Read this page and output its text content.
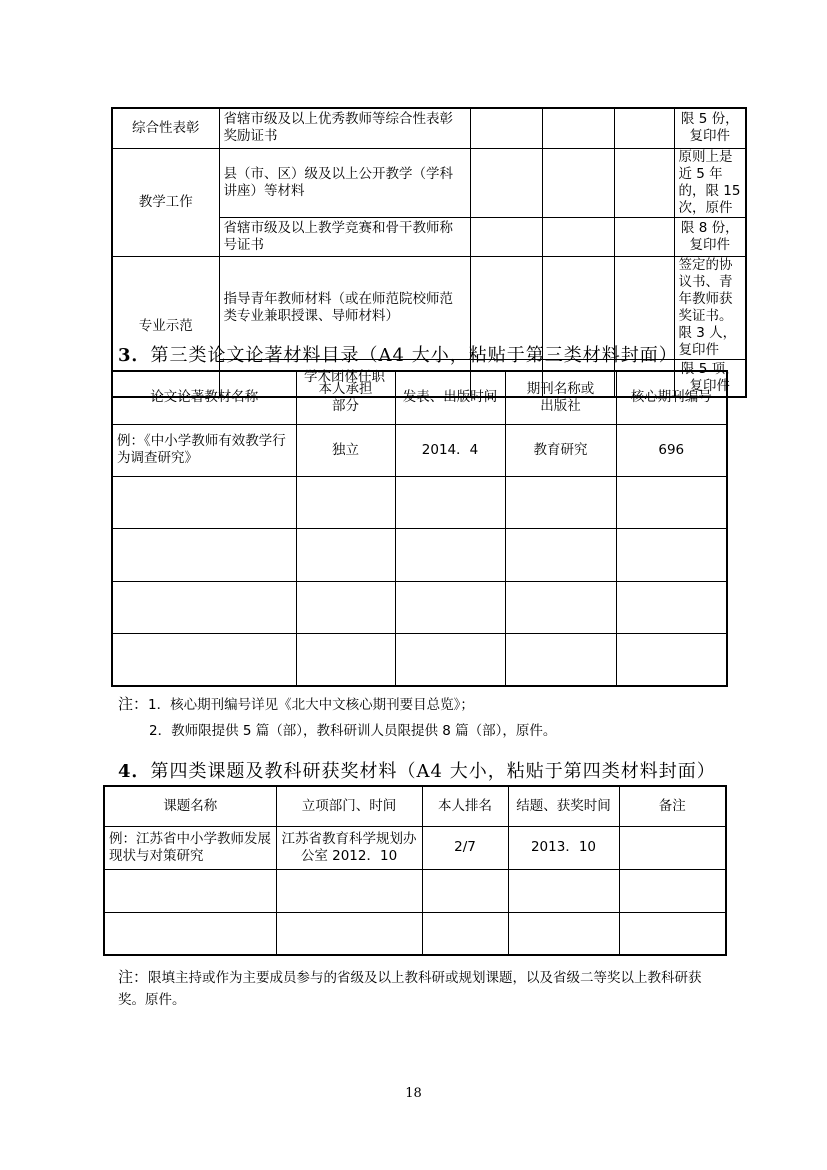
综合性表彰	省辖市级及以上优秀教师等综合性表彰奖励证书				限 5 份，复印件
教学工作	县（市、区）级及以上公开教学（学科讲座）等材料				原则上是近 5 年的，限 15 次，原件
	省辖市级及以上教学竞赛和骨干教师称号证书				限 8 份，复印件
专业示范	指导青年教师材料（或在师范院校师范类专业兼职授课、导师材料）				签定的协议书、青年教师获奖证书。限 3 人，复印件
	学术团体任职				限 5 项，复印件
3．第三类论文论著材料目录（A4 大小，粘贴于第三类材料封面）
论文论著教材名称	本人承担部分	发表、出版时间	期刊名称或出版社	核心期刊编号
例：《中小学教师有效教学行为调查研究》	独立	2014．4	教育研究	696

注：1．核心期刊编号详见《北大中文核心期刊要目总览》；
2．教师限提供 5 篇（部），教科研训人员限提供 8 篇（部），原件。
4．第四类课题及教科研获奖材料（A4 大小，粘贴于第四类材料封面）
课题名称	立项部门、时间	本人排名	结题、获奖时间	备注
例：江苏省中小学教师发展现状与对策研究	江苏省教育科学规划办公室 2012．10	2/7	2013．10	

注：限填主持或作为主要成员参与的省级及以上教科研或规划课题，以及省级二等奖以上教科研获奖。原件。
18
